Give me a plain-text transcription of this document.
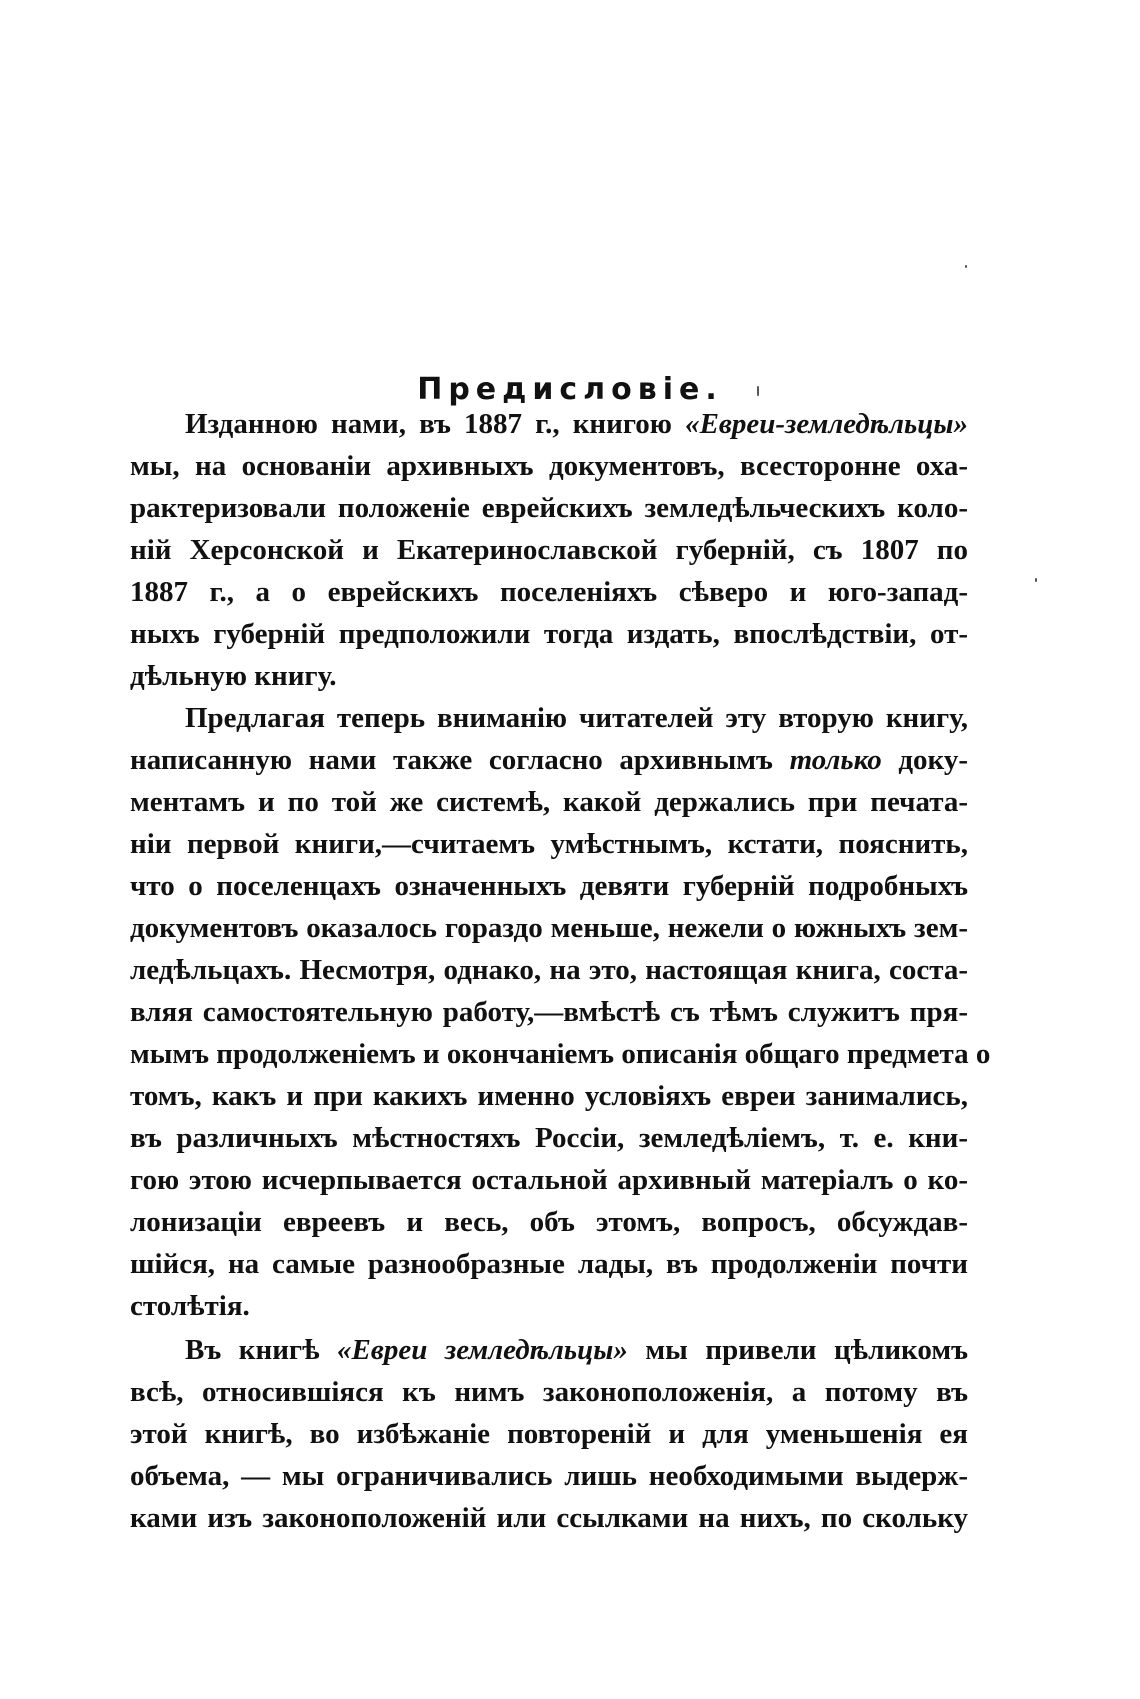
Предисловіе.
Изданною нами, въ 1887 г., книгою «Евреи-земледѣльцы»
мы, на основаніи архивныхъ документовъ, всесторонне оха-
рактеризовали положеніе еврейскихъ земледѣльческихъ коло-
ній Херсонской и Екатеринославской губерній, съ 1807 по
1887 г., а о еврейскихъ поселеніяхъ сѣверо и юго-запад-
ныхъ губерній предположили тогда издать, впослѣдствіи, от-
дѣльную книгу.
Предлагая теперь вниманію читателей эту вторую книгу,
написанную нами также согласно архивнымъ только доку-
ментамъ и по той же системѣ, какой держались при печата-
ніи первой книги,—считаемъ умѣстнымъ, кстати, пояснить,
что о поселенцахъ означенныхъ девяти губерній подробныхъ
документовъ оказалось гораздо меньше, нежели о южныхъ зем-
ледѣльцахъ. Несмотря, однако, на это, настоящая книга, соста-
вляя самостоятельную работу,—вмѣстѣ съ тѣмъ служитъ пря-
мымъ продолженіемъ и окончаніемъ описанія общаго предмета о
томъ, какъ и при какихъ именно условіяхъ евреи занимались,
въ различныхъ мѣстностяхъ Россіи, земледѣліемъ, т. е. кни-
гою этою исчерпывается остальной архивный матеріалъ о ко-
лонизаціи евреевъ и весь, объ этомъ, вопросъ, обсуждав-
шійся, на самые разнообразные лады, въ продолженіи почти
столѣтія.
Въ книгѣ «Евреи земледѣльцы» мы привели цѣликомъ
всѣ, относившіяся къ нимъ законоположенія, а потому въ
этой книгѣ, во избѣжаніе повтореній и для уменьшенія ея
объема, — мы ограничивались лишь необходимыми выдерж-
ками изъ законоположеній или ссылками на нихъ, по скольку
